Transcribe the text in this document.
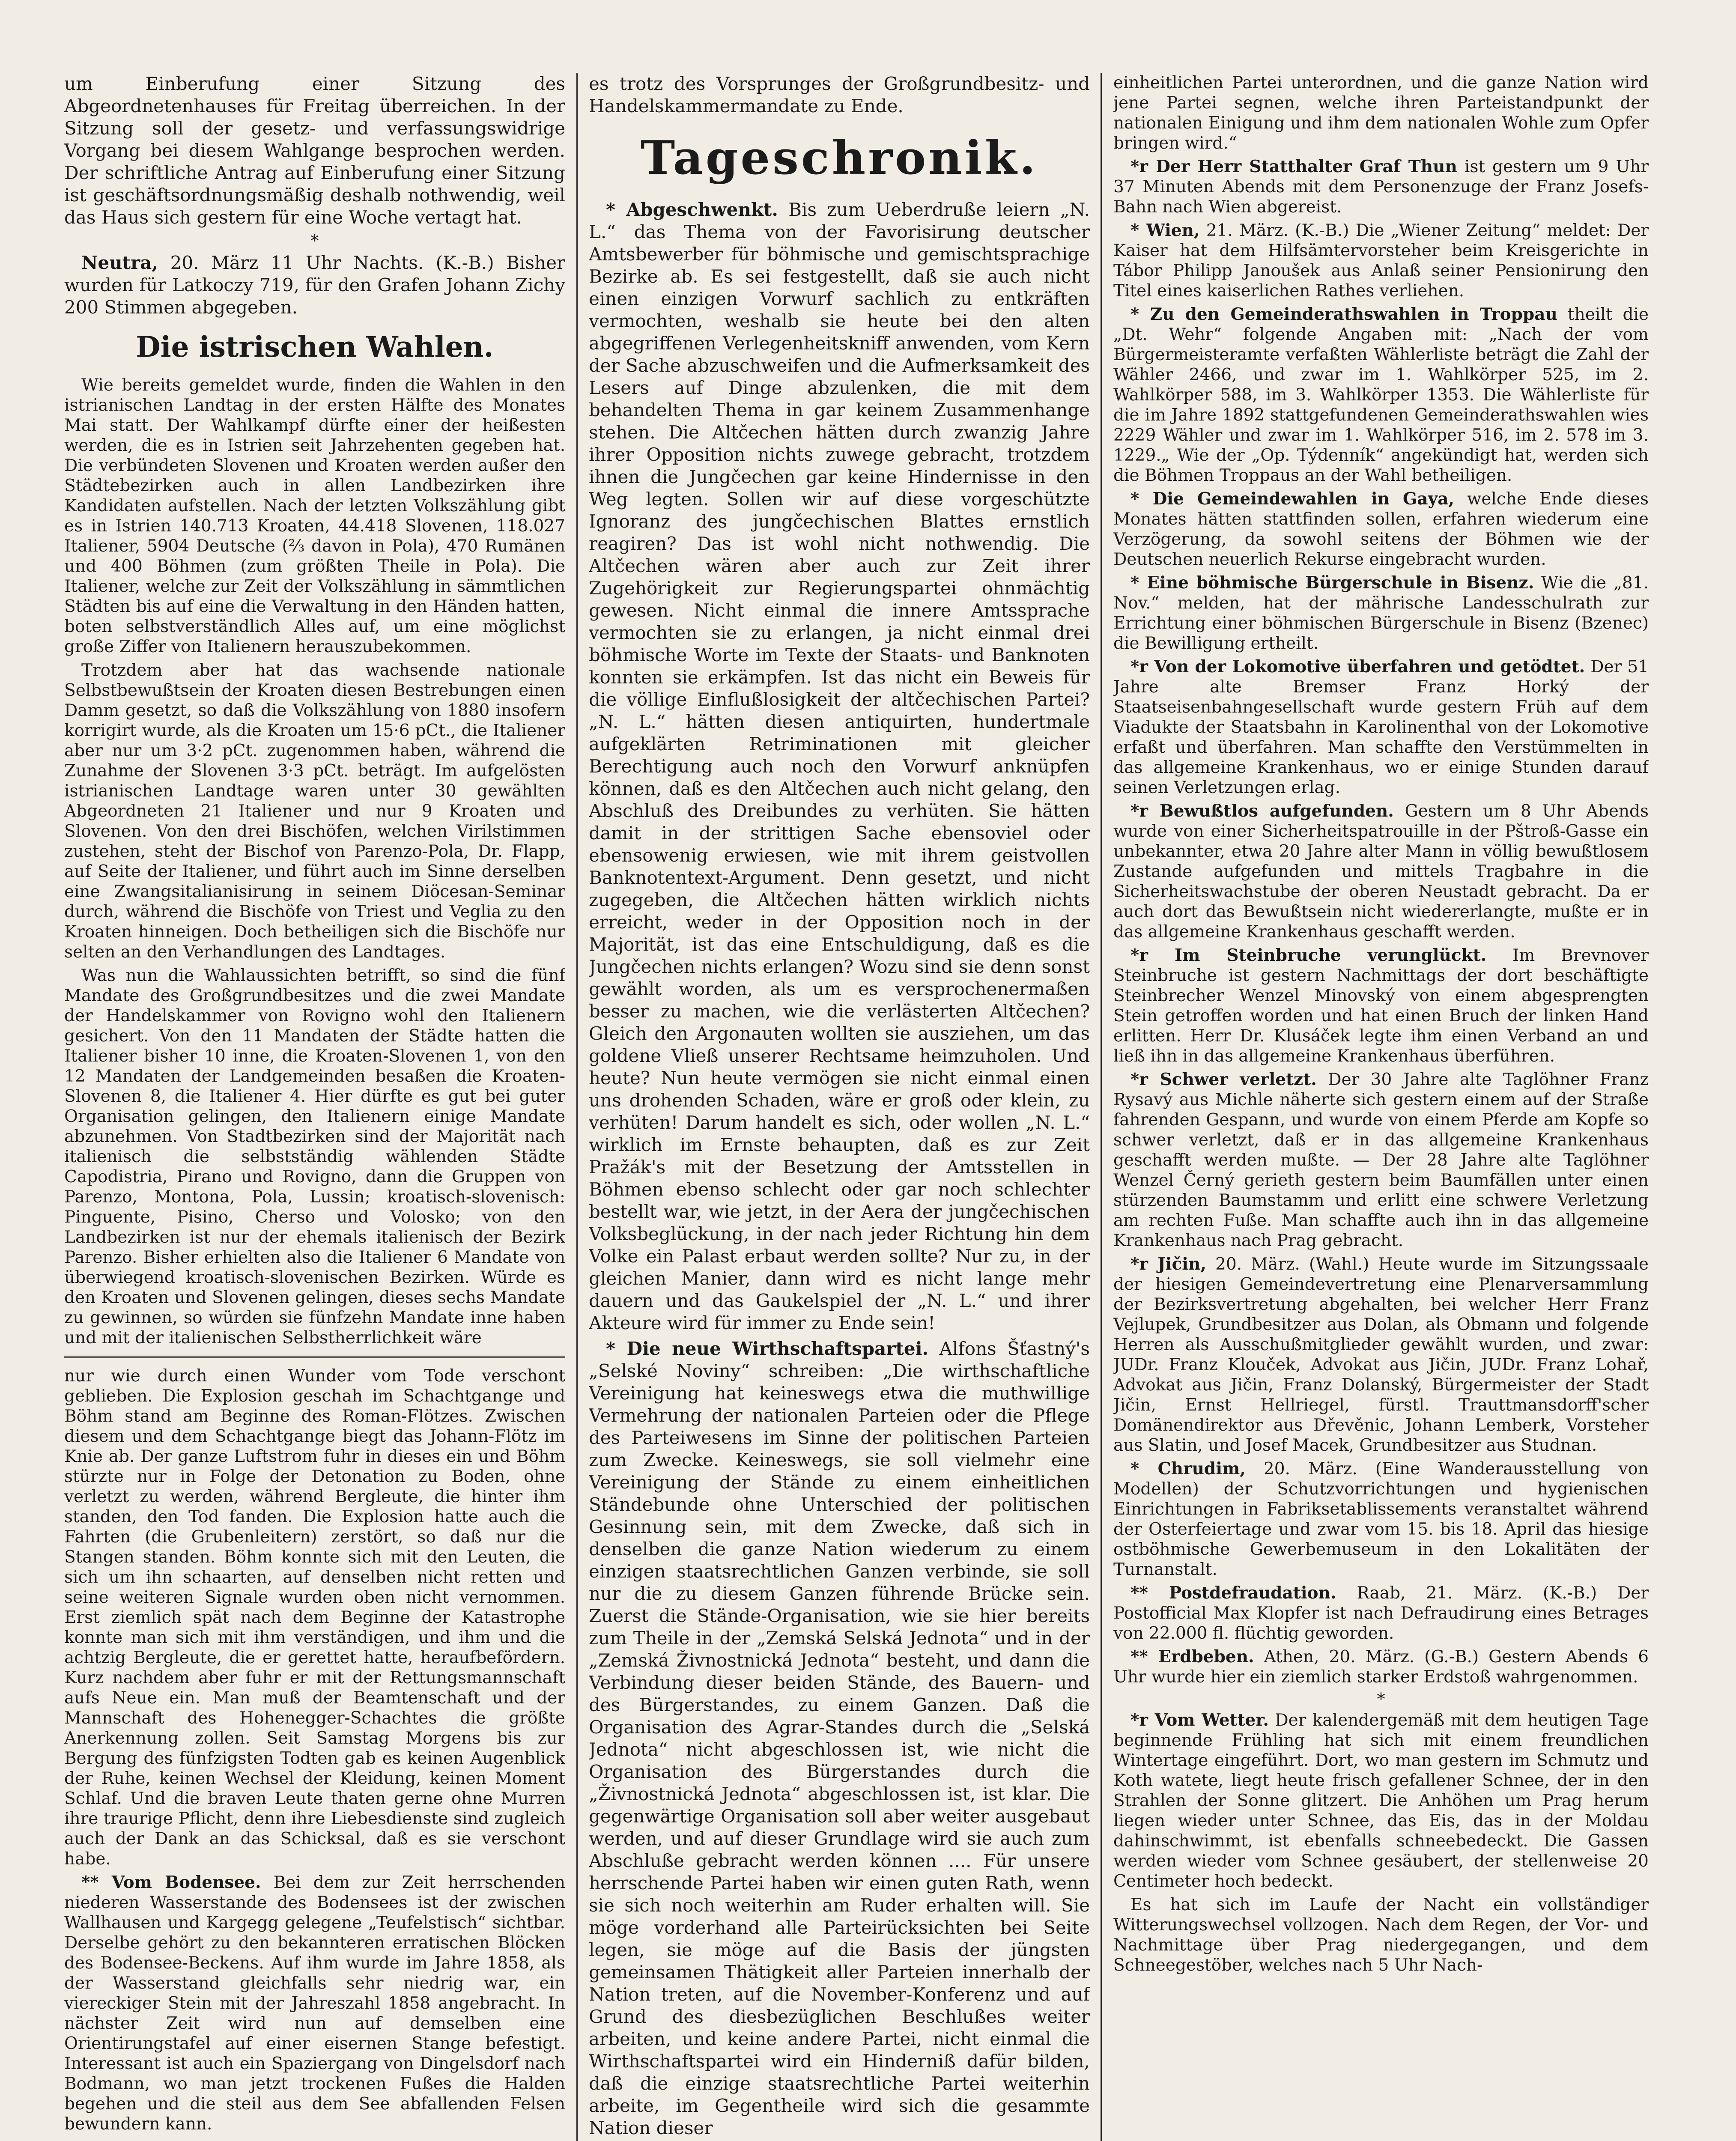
um Einberufung einer Sitzung des Abgeordnetenhauses für Freitag überreichen. In der Sitzung soll der gesetz- und verfassungswidrige Vorgang bei diesem Wahlgange besprochen werden. Der schriftliche Antrag auf Einberufung einer Sitzung ist geschäftsordnungsmäßig deshalb nothwendig, weil das Haus sich gestern für eine Woche vertagt hat.

*

Neutra, 20. März 11 Uhr Nachts. (K.-B.) Bisher wurden für Latkoczy 719, für den Grafen Johann Zichy 200 Stimmen abgegeben.

Die istrischen Wahlen.

Wie bereits gemeldet wurde, finden die Wahlen in den istrianischen Landtag in der ersten Hälfte des Monates Mai statt. Der Wahlkampf dürfte einer der heißesten werden, die es in Istrien seit Jahrzehenten gegeben hat. Die verbündeten Slovenen und Kroaten werden außer den Städtebezirken auch in allen Landbezirken ihre Kandidaten aufstellen. Nach der letzten Volkszählung gibt es in Istrien 140.713 Kroaten, 44.418 Slovenen, 118.027 Italiener, 5904 Deutsche (⅔ davon in Pola), 470 Rumänen und 400 Böhmen (zum größten Theile in Pola). Die Italiener, welche zur Zeit der Volkszählung in sämmtlichen Städten bis auf eine die Verwaltung in den Händen hatten, boten selbstverständlich Alles auf, um eine möglichst große Ziffer von Italienern herauszubekommen.

Trotzdem aber hat das wachsende nationale Selbstbewußtsein der Kroaten diesen Bestrebungen einen Damm gesetzt, so daß die Volkszählung von 1880 insofern korrigirt wurde, als die Kroaten um 15·6 pCt., die Italiener aber nur um 3·2 pCt. zugenommen haben, während die Zunahme der Slovenen 3·3 pCt. beträgt. Im aufgelösten istrianischen Landtage waren unter 30 gewählten Abgeordneten 21 Italiener und nur 9 Kroaten und Slovenen. Von den drei Bischöfen, welchen Virilstimmen zustehen, steht der Bischof von Parenzo-Pola, Dr. Flapp, auf Seite der Italiener, und führt auch im Sinne derselben eine Zwangsitalianisirung in seinem Diöcesan-Seminar durch, während die Bischöfe von Triest und Veglia zu den Kroaten hinneigen. Doch betheiligen sich die Bischöfe nur selten an den Verhandlungen des Landtages.

Was nun die Wahlaussichten betrifft, so sind die fünf Mandate des Großgrundbesitzes und die zwei Mandate der Handelskammer von Rovigno wohl den Italienern gesichert. Von den 11 Mandaten der Städte hatten die Italiener bisher 10 inne, die Kroaten-Slovenen 1, von den 12 Mandaten der Landgemeinden besaßen die Kroaten-Slovenen 8, die Italiener 4. Hier dürfte es gut bei guter Organisation gelingen, den Italienern einige Mandate abzunehmen. Von Stadtbezirken sind der Majorität nach italienisch die selbstständig wählenden Städte Capodistria, Pirano und Rovigno, dann die Gruppen von Parenzo, Montona, Pola, Lussin; kroatisch-slovenisch: Pinguente, Pisino, Cherso und Volosko; von den Landbezirken ist nur der ehemals italienisch der Bezirk Parenzo. Bisher erhielten also die Italiener 6 Mandate von überwiegend kroatisch-slovenischen Bezirken. Würde es den Kroaten und Slovenen gelingen, dieses sechs Mandate zu gewinnen, so würden sie fünfzehn Mandate inne haben und mit der italienischen Selbstherrlichkeit wäre

nur wie durch einen Wunder vom Tode verschont geblieben. Die Explosion geschah im Schachtgange und Böhm stand am Beginne des Roman-Flötzes. Zwischen diesem und dem Schachtgange biegt das Johann-Flötz im Knie ab. Der ganze Luftstrom fuhr in dieses ein und Böhm stürzte nur in Folge der Detonation zu Boden, ohne verletzt zu werden, während Bergleute, die hinter ihm standen, den Tod fanden. Die Explosion hatte auch die Fahrten (die Grubenleitern) zerstört, so daß nur die Stangen standen. Böhm konnte sich mit den Leuten, die sich um ihn schaarten, auf denselben nicht retten und seine weiteren Signale wurden oben nicht vernommen. Erst ziemlich spät nach dem Beginne der Katastrophe konnte man sich mit ihm verständigen, und ihm und die achtzig Bergleute, die er gerettet hatte, heraufbefördern. Kurz nachdem aber fuhr er mit der Rettungsmannschaft aufs Neue ein. Man muß der Beamtenschaft und der Mannschaft des Hohenegger-Schachtes die größte Anerkennung zollen. Seit Samstag Morgens bis zur Bergung des fünfzigsten Todten gab es keinen Augenblick der Ruhe, keinen Wechsel der Kleidung, keinen Moment Schlaf. Und die braven Leute thaten gerne ohne Murren ihre traurige Pflicht, denn ihre Liebesdienste sind zugleich auch der Dank an das Schicksal, daß es sie verschont habe.

** Vom Bodensee. Bei dem zur Zeit herrschenden niederen Wasserstande des Bodensees ist der zwischen Wallhausen und Kargegg gelegene „Teufelstisch“ sichtbar. Derselbe gehört zu den bekannteren erratischen Blöcken des Bodensee-Beckens. Auf ihm wurde im Jahre 1858, als der Wasserstand gleichfalls sehr niedrig war, ein viereckiger Stein mit der Jahreszahl 1858 angebracht. In nächster Zeit wird nun auf demselben eine Orientirungstafel auf einer eisernen Stange befestigt. Interessant ist auch ein Spaziergang von Dingelsdorf nach Bodmann, wo man jetzt trockenen Fußes die Halden begehen und die steil aus dem See abfallenden Felsen bewundern kann.

es trotz des Vorsprunges der Großgrundbesitz- und Handelskammermandate zu Ende.

Tageschronik.

* Abgeschwenkt. Bis zum Ueberdruße leiern „N. L.“ das Thema von der Favorisirung deutscher Amtsbewerber für böhmische und gemischtsprachige Bezirke ab. Es sei festgestellt, daß sie auch nicht einen einzigen Vorwurf sachlich zu entkräften vermochten, weshalb sie heute bei den alten abgegriffenen Verlegenheitskniff anwenden, vom Kern der Sache abzuschweifen und die Aufmerksamkeit des Lesers auf Dinge abzulenken, die mit dem behandelten Thema in gar keinem Zusammenhange stehen. Die Altčechen hätten durch zwanzig Jahre ihrer Opposition nichts zuwege gebracht, trotzdem ihnen die Jungčechen gar keine Hindernisse in den Weg legten. Sollen wir auf diese vorgeschützte Ignoranz des jungčechischen Blattes ernstlich reagiren? Das ist wohl nicht nothwendig. Die Altčechen wären aber auch zur Zeit ihrer Zugehörigkeit zur Regierungspartei ohnmächtig gewesen. Nicht einmal die innere Amtssprache vermochten sie zu erlangen, ja nicht einmal drei böhmische Worte im Texte der Staats- und Banknoten konnten sie erkämpfen. Ist das nicht ein Beweis für die völlige Einflußlosigkeit der altčechischen Partei? „N. L.“ hätten diesen antiquirten, hundertmale aufgeklärten Retriminationen mit gleicher Berechtigung auch noch den Vorwurf anknüpfen können, daß es den Altčechen auch nicht gelang, den Abschluß des Dreibundes zu verhüten. Sie hätten damit in der strittigen Sache ebensoviel oder ebensowenig erwiesen, wie mit ihrem geistvollen Banknotentext-Argument. Denn gesetzt, und nicht zugegeben, die Altčechen hätten wirklich nichts erreicht, weder in der Opposition noch in der Majorität, ist das eine Entschuldigung, daß es die Jungčechen nichts erlangen? Wozu sind sie denn sonst gewählt worden, als um es versprochenermaßen besser zu machen, wie die verlästerten Altčechen? Gleich den Argonauten wollten sie ausziehen, um das goldene Vließ unserer Rechtsame heimzuholen. Und heute? Nun heute vermögen sie nicht einmal einen uns drohenden Schaden, wäre er groß oder klein, zu verhüten! Darum handelt es sich, oder wollen „N. L.“ wirklich im Ernste behaupten, daß es zur Zeit Pražák's mit der Besetzung der Amtsstellen in Böhmen ebenso schlecht oder gar noch schlechter bestellt war, wie jetzt, in der Aera der jungčechischen Volksbeglückung, in der nach jeder Richtung hin dem Volke ein Palast erbaut werden sollte? Nur zu, in der gleichen Manier, dann wird es nicht lange mehr dauern und das Gaukelspiel der „N. L.“ und ihrer Akteure wird für immer zu Ende sein!

* Die neue Wirthschaftspartei. Alfons Šťastný's „Selské Noviny“ schreiben: „Die wirthschaftliche Vereinigung hat keineswegs etwa die muthwillige Vermehrung der nationalen Parteien oder die Pflege des Parteiwesens im Sinne der politischen Parteien zum Zwecke. Keineswegs, sie soll vielmehr eine Vereinigung der Stände zu einem einheitlichen Ständebunde ohne Unterschied der politischen Gesinnung sein, mit dem Zwecke, daß sich in denselben die ganze Nation wiederum zu einem einzigen staatsrechtlichen Ganzen verbinde, sie soll nur die zu diesem Ganzen führende Brücke sein. Zuerst die Stände-Organisation, wie sie hier bereits zum Theile in der „Zemská Selská Jednota“ und in der „Zemská Živnostnická Jednota“ besteht, und dann die Verbindung dieser beiden Stände, des Bauern- und des Bürgerstandes, zu einem Ganzen. Daß die Organisation des Agrar-Standes durch die „Selská Jednota“ nicht abgeschlossen ist, wie nicht die Organisation des Bürgerstandes durch die „Živnostnická Jednota“ abgeschlossen ist, ist klar. Die gegenwärtige Organisation soll aber weiter ausgebaut werden, und auf dieser Grundlage wird sie auch zum Abschluße gebracht werden können .... Für unsere herrschende Partei haben wir einen guten Rath, wenn sie sich noch weiterhin am Ruder erhalten will. Sie möge vorderhand alle Parteirücksichten bei Seite legen, sie möge auf die Basis der jüngsten gemeinsamen Thätigkeit aller Parteien innerhalb der Nation treten, auf die November-Konferenz und auf Grund des diesbezüglichen Beschlußes weiter arbeiten, und keine andere Partei, nicht einmal die Wirthschaftspartei wird ein Hinderniß dafür bilden, daß die einzige staatsrechtliche Partei weiterhin arbeite, im Gegentheile wird sich die gesammte Nation dieser

einheitlichen Partei unterordnen, und die ganze Nation wird jene Partei segnen, welche ihren Parteistandpunkt der nationalen Einigung und ihm dem nationalen Wohle zum Opfer bringen wird.“

*r Der Herr Statthalter Graf Thun ist gestern um 9 Uhr 37 Minuten Abends mit dem Personenzuge der Franz Josefs-Bahn nach Wien abgereist.

* Wien, 21. März. (K.-B.) Die „Wiener Zeitung“ meldet: Der Kaiser hat dem Hilfsämtervorsteher beim Kreisgerichte in Tábor Philipp Janoušek aus Anlaß seiner Pensionirung den Titel eines kaiserlichen Rathes verliehen.

* Zu den Gemeinderathswahlen in Troppau theilt die „Dt. Wehr“ folgende Angaben mit: „Nach der vom Bürgermeisteramte verfaßten Wählerliste beträgt die Zahl der Wähler 2466, und zwar im 1. Wahlkörper 525, im 2. Wahlkörper 588, im 3. Wahlkörper 1353. Die Wählerliste für die im Jahre 1892 stattgefundenen Gemeinderathswahlen wies 2229 Wähler und zwar im 1. Wahlkörper 516, im 2. 578 im 3. 1229.„ Wie der „Op. Týdenník“ angekündigt hat, werden sich die Böhmen Troppaus an der Wahl betheiligen.

* Die Gemeindewahlen in Gaya, welche Ende dieses Monates hätten stattfinden sollen, erfahren wiederum eine Verzögerung, da sowohl seitens der Böhmen wie der Deutschen neuerlich Rekurse eingebracht wurden.

* Eine böhmische Bürgerschule in Bisenz. Wie die „81. Nov.“ melden, hat der mährische Landesschulrath zur Errichtung einer böhmischen Bürgerschule in Bisenz (Bzenec) die Bewilligung ertheilt.

*r Von der Lokomotive überfahren und getödtet. Der 51 Jahre alte Bremser Franz Horký der Staatseisenbahngesellschaft wurde gestern Früh auf dem Viadukte der Staatsbahn in Karolinenthal von der Lokomotive erfaßt und überfahren. Man schaffte den Verstümmelten in das allgemeine Krankenhaus, wo er einige Stunden darauf seinen Verletzungen erlag.

*r Bewußtlos aufgefunden. Gestern um 8 Uhr Abends wurde von einer Sicherheitspatrouille in der Pštroß-Gasse ein unbekannter, etwa 20 Jahre alter Mann in völlig bewußtlosem Zustande aufgefunden und mittels Tragbahre in die Sicherheitswachstube der oberen Neustadt gebracht. Da er auch dort das Bewußtsein nicht wiedererlangte, mußte er in das allgemeine Krankenhaus geschafft werden.

*r Im Steinbruche verunglückt. Im Brevnover Steinbruche ist gestern Nachmittags der dort beschäftigte Steinbrecher Wenzel Minovský von einem abgesprengten Stein getroffen worden und hat einen Bruch der linken Hand erlitten. Herr Dr. Klusáček legte ihm einen Verband an und ließ ihn in das allgemeine Krankenhaus überführen.

*r Schwer verletzt. Der 30 Jahre alte Taglöhner Franz Rysavý aus Michle näherte sich gestern einem auf der Straße fahrenden Gespann, und wurde von einem Pferde am Kopfe so schwer verletzt, daß er in das allgemeine Krankenhaus geschafft werden mußte. — Der 28 Jahre alte Taglöhner Wenzel Černý gerieth gestern beim Baumfällen unter einen stürzenden Baumstamm und erlitt eine schwere Verletzung am rechten Fuße. Man schaffte auch ihn in das allgemeine Krankenhaus nach Prag gebracht.

*r Jičin, 20. März. (Wahl.) Heute wurde im Sitzungssaale der hiesigen Gemeindevertretung eine Plenarversammlung der Bezirksvertretung abgehalten, bei welcher Herr Franz Vejlupek, Grundbesitzer aus Dolan, als Obmann und folgende Herren als Ausschußmitglieder gewählt wurden, und zwar: JUDr. Franz Klouček, Advokat aus Jičin, JUDr. Franz Lohař, Advokat aus Jičin, Franz Dolanský, Bürgermeister der Stadt Jičin, Ernst Hellriegel, fürstl. Trauttmansdorff'scher Domänendirektor aus Dřevěnic, Johann Lemberk, Vorsteher aus Slatin, und Josef Macek, Grundbesitzer aus Studnan.

* Chrudim, 20. März. (Eine Wanderausstellung von Modellen) der Schutzvorrichtungen und hygienischen Einrichtungen in Fabriksetablissements veranstaltet während der Osterfeiertage und zwar vom 15. bis 18. April das hiesige ostböhmische Gewerbemuseum in den Lokalitäten der Turnanstalt.

** Postdefraudation. Raab, 21. März. (K.-B.) Der Postofficial Max Klopfer ist nach Defraudirung eines Betrages von 22.000 fl. flüchtig geworden.

** Erdbeben. Athen, 20. März. (G.-B.) Gestern Abends 6 Uhr wurde hier ein ziemlich starker Erdstoß wahrgenommen.

*

*r Vom Wetter. Der kalendergemäß mit dem heutigen Tage beginnende Frühling hat sich mit einem freundlichen Wintertage eingeführt. Dort, wo man gestern im Schmutz und Koth watete, liegt heute frisch gefallener Schnee, der in den Strahlen der Sonne glitzert. Die Anhöhen um Prag herum liegen wieder unter Schnee, das Eis, das in der Moldau dahinschwimmt, ist ebenfalls schneebedeckt. Die Gassen werden wieder vom Schnee gesäubert, der stellenweise 20 Centimeter hoch bedeckt.

Es hat sich im Laufe der Nacht ein vollständiger Witterungswechsel vollzogen. Nach dem Regen, der Vor- und Nachmittage über Prag niedergegangen, und dem Schneegestöber, welches nach 5 Uhr Nach-
